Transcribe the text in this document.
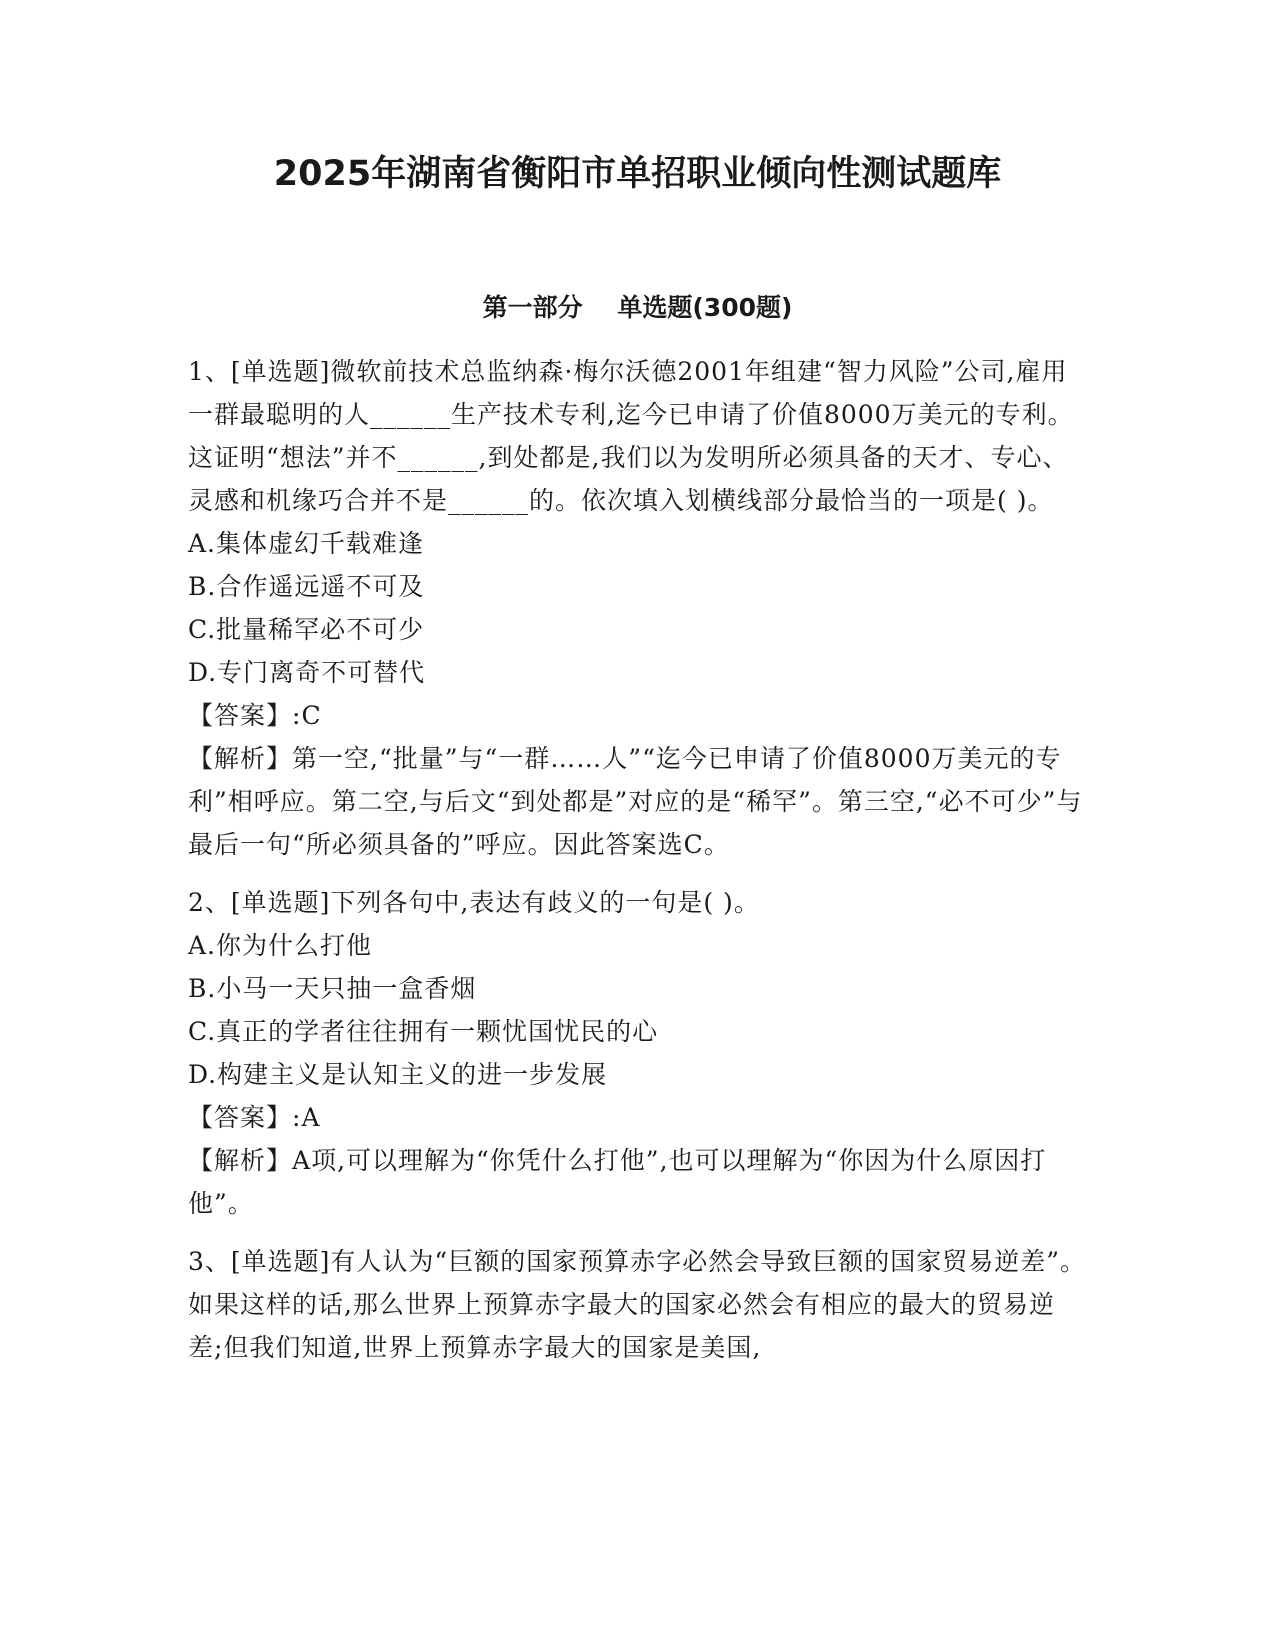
2025年湖南省衡阳市单招职业倾向性测试题库
第一部分    单选题(300题)

1、[单选题]微软前技术总监纳森·梅尔沃德2001年组建“智力风险”公司,雇用一群最聪明的人______生产技术专利,迄今已申请了价值8000万美元的专利。这证明“想法”并不______,到处都是,我们以为发明所必须具备的天才、专心、灵感和机缘巧合并不是______的。依次填入划横线部分最恰当的一项是( )。

A.集体虚幻千载难逢

B.合作遥远遥不可及

C.批量稀罕必不可少

D.专门离奇不可替代

【答案】:C

【解析】第一空,“批量”与“一群……人”“迄今已申请了价值8000万美元的专利”相呼应。第二空,与后文“到处都是”对应的是“稀罕”。第三空,“必不可少”与最后一句“所必须具备的”呼应。因此答案选C。

2、[单选题]下列各句中,表达有歧义的一句是( )。

A.你为什么打他

B.小马一天只抽一盒香烟

C.真正的学者往往拥有一颗忧国忧民的心

D.构建主义是认知主义的进一步发展

【答案】:A

【解析】A项,可以理解为“你凭什么打他”,也可以理解为“你因为什么原因打他”。

3、[单选题]有人认为“巨额的国家预算赤字必然会导致巨额的国家贸易逆差”。如果这样的话,那么世界上预算赤字最大的国家必然会有相应的最大的贸易逆差;但我们知道,世界上预算赤字最大的国家是美国,
